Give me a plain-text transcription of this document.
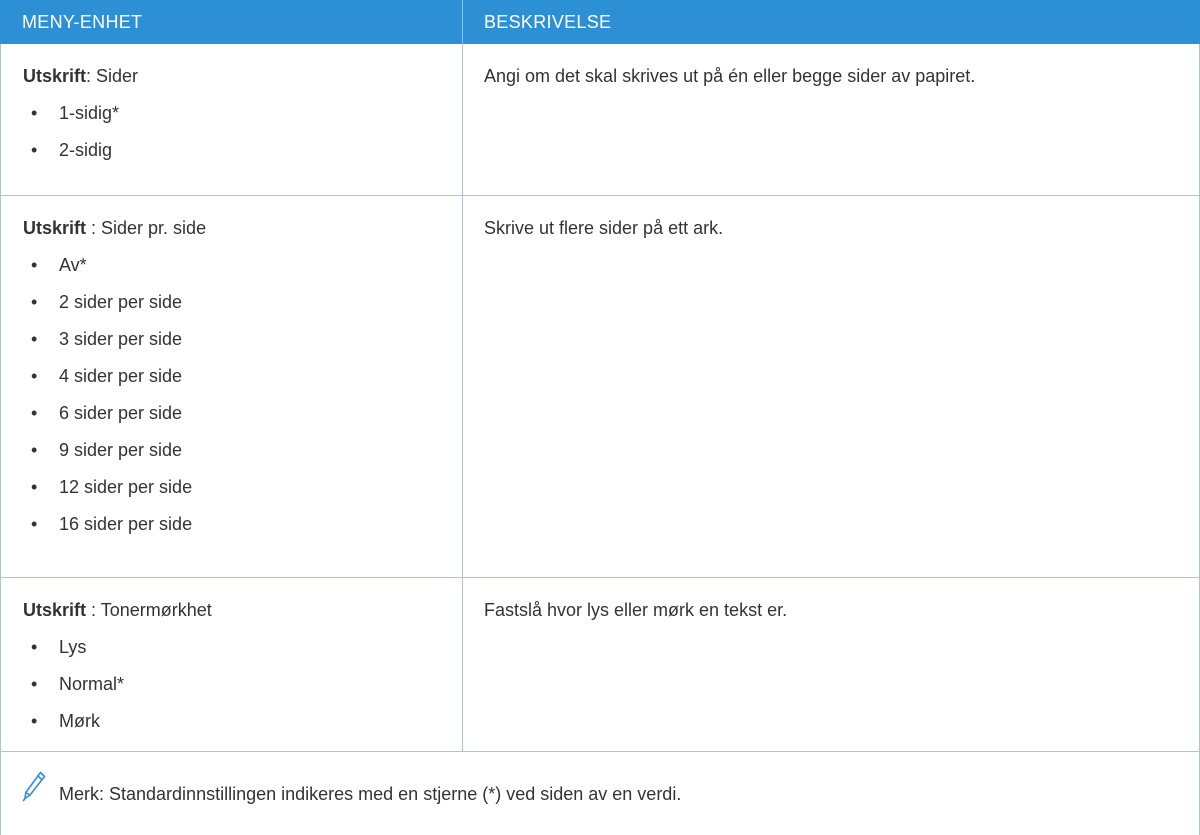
MENY-ENHET	BESKRIVELSE
Utskrift: Sider
• 1-sidig*
• 2-sidig
Angi om det skal skrives ut på én eller begge sider av papiret.
Utskrift : Sider pr. side
• Av*
• 2 sider per side
• 3 sider per side
• 4 sider per side
• 6 sider per side
• 9 sider per side
• 12 sider per side
• 16 sider per side
Skrive ut flere sider på ett ark.
Utskrift : Tonermørkhet
• Lys
• Normal*
• Mørk
Fastslå hvor lys eller mørk en tekst er.
Merk: Standardinnstillingen indikeres med en stjerne (*) ved siden av en verdi.
